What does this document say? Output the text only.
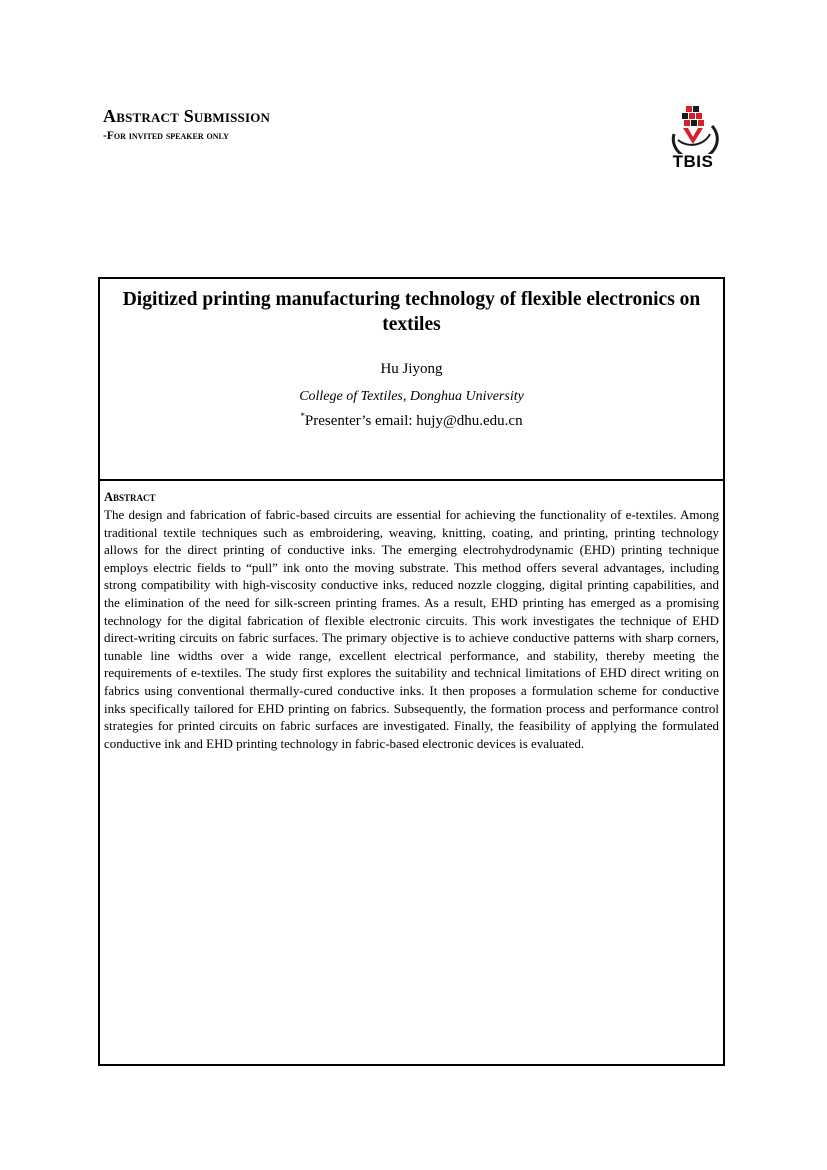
Abstract Submission
-For invited speaker only
TBIS
Digitized printing manufacturing technology of flexible electronics on textiles
Hu Jiyong
College of Textiles, Donghua University
*Presenter’s email: hujy@dhu.edu.cn
Abstract
The design and fabrication of fabric-based circuits are essential for achieving the functionality of e-textiles. Among traditional textile techniques such as embroidering, weaving, knitting, coating, and printing, printing technology allows for the direct printing of conductive inks. The emerging electrohydrodynamic (EHD) printing technique employs electric fields to “pull” ink onto the moving substrate. This method offers several advantages, including strong compatibility with high-viscosity conductive inks, reduced nozzle clogging, digital printing capabilities, and the elimination of the need for silk-screen printing frames. As a result, EHD printing has emerged as a promising technology for the digital fabrication of flexible electronic circuits. This work investigates the technique of EHD direct-writing circuits on fabric surfaces. The primary objective is to achieve conductive patterns with sharp corners, tunable line widths over a wide range, excellent electrical performance, and stability, thereby meeting the requirements of e-textiles. The study first explores the suitability and technical limitations of EHD direct writing on fabrics using conventional thermally-cured conductive inks. It then proposes a formulation scheme for conductive inks specifically tailored for EHD printing on fabrics. Subsequently, the formation process and performance control strategies for printed circuits on fabric surfaces are investigated. Finally, the feasibility of applying the formulated conductive ink and EHD printing technology in fabric-based electronic devices is evaluated.
